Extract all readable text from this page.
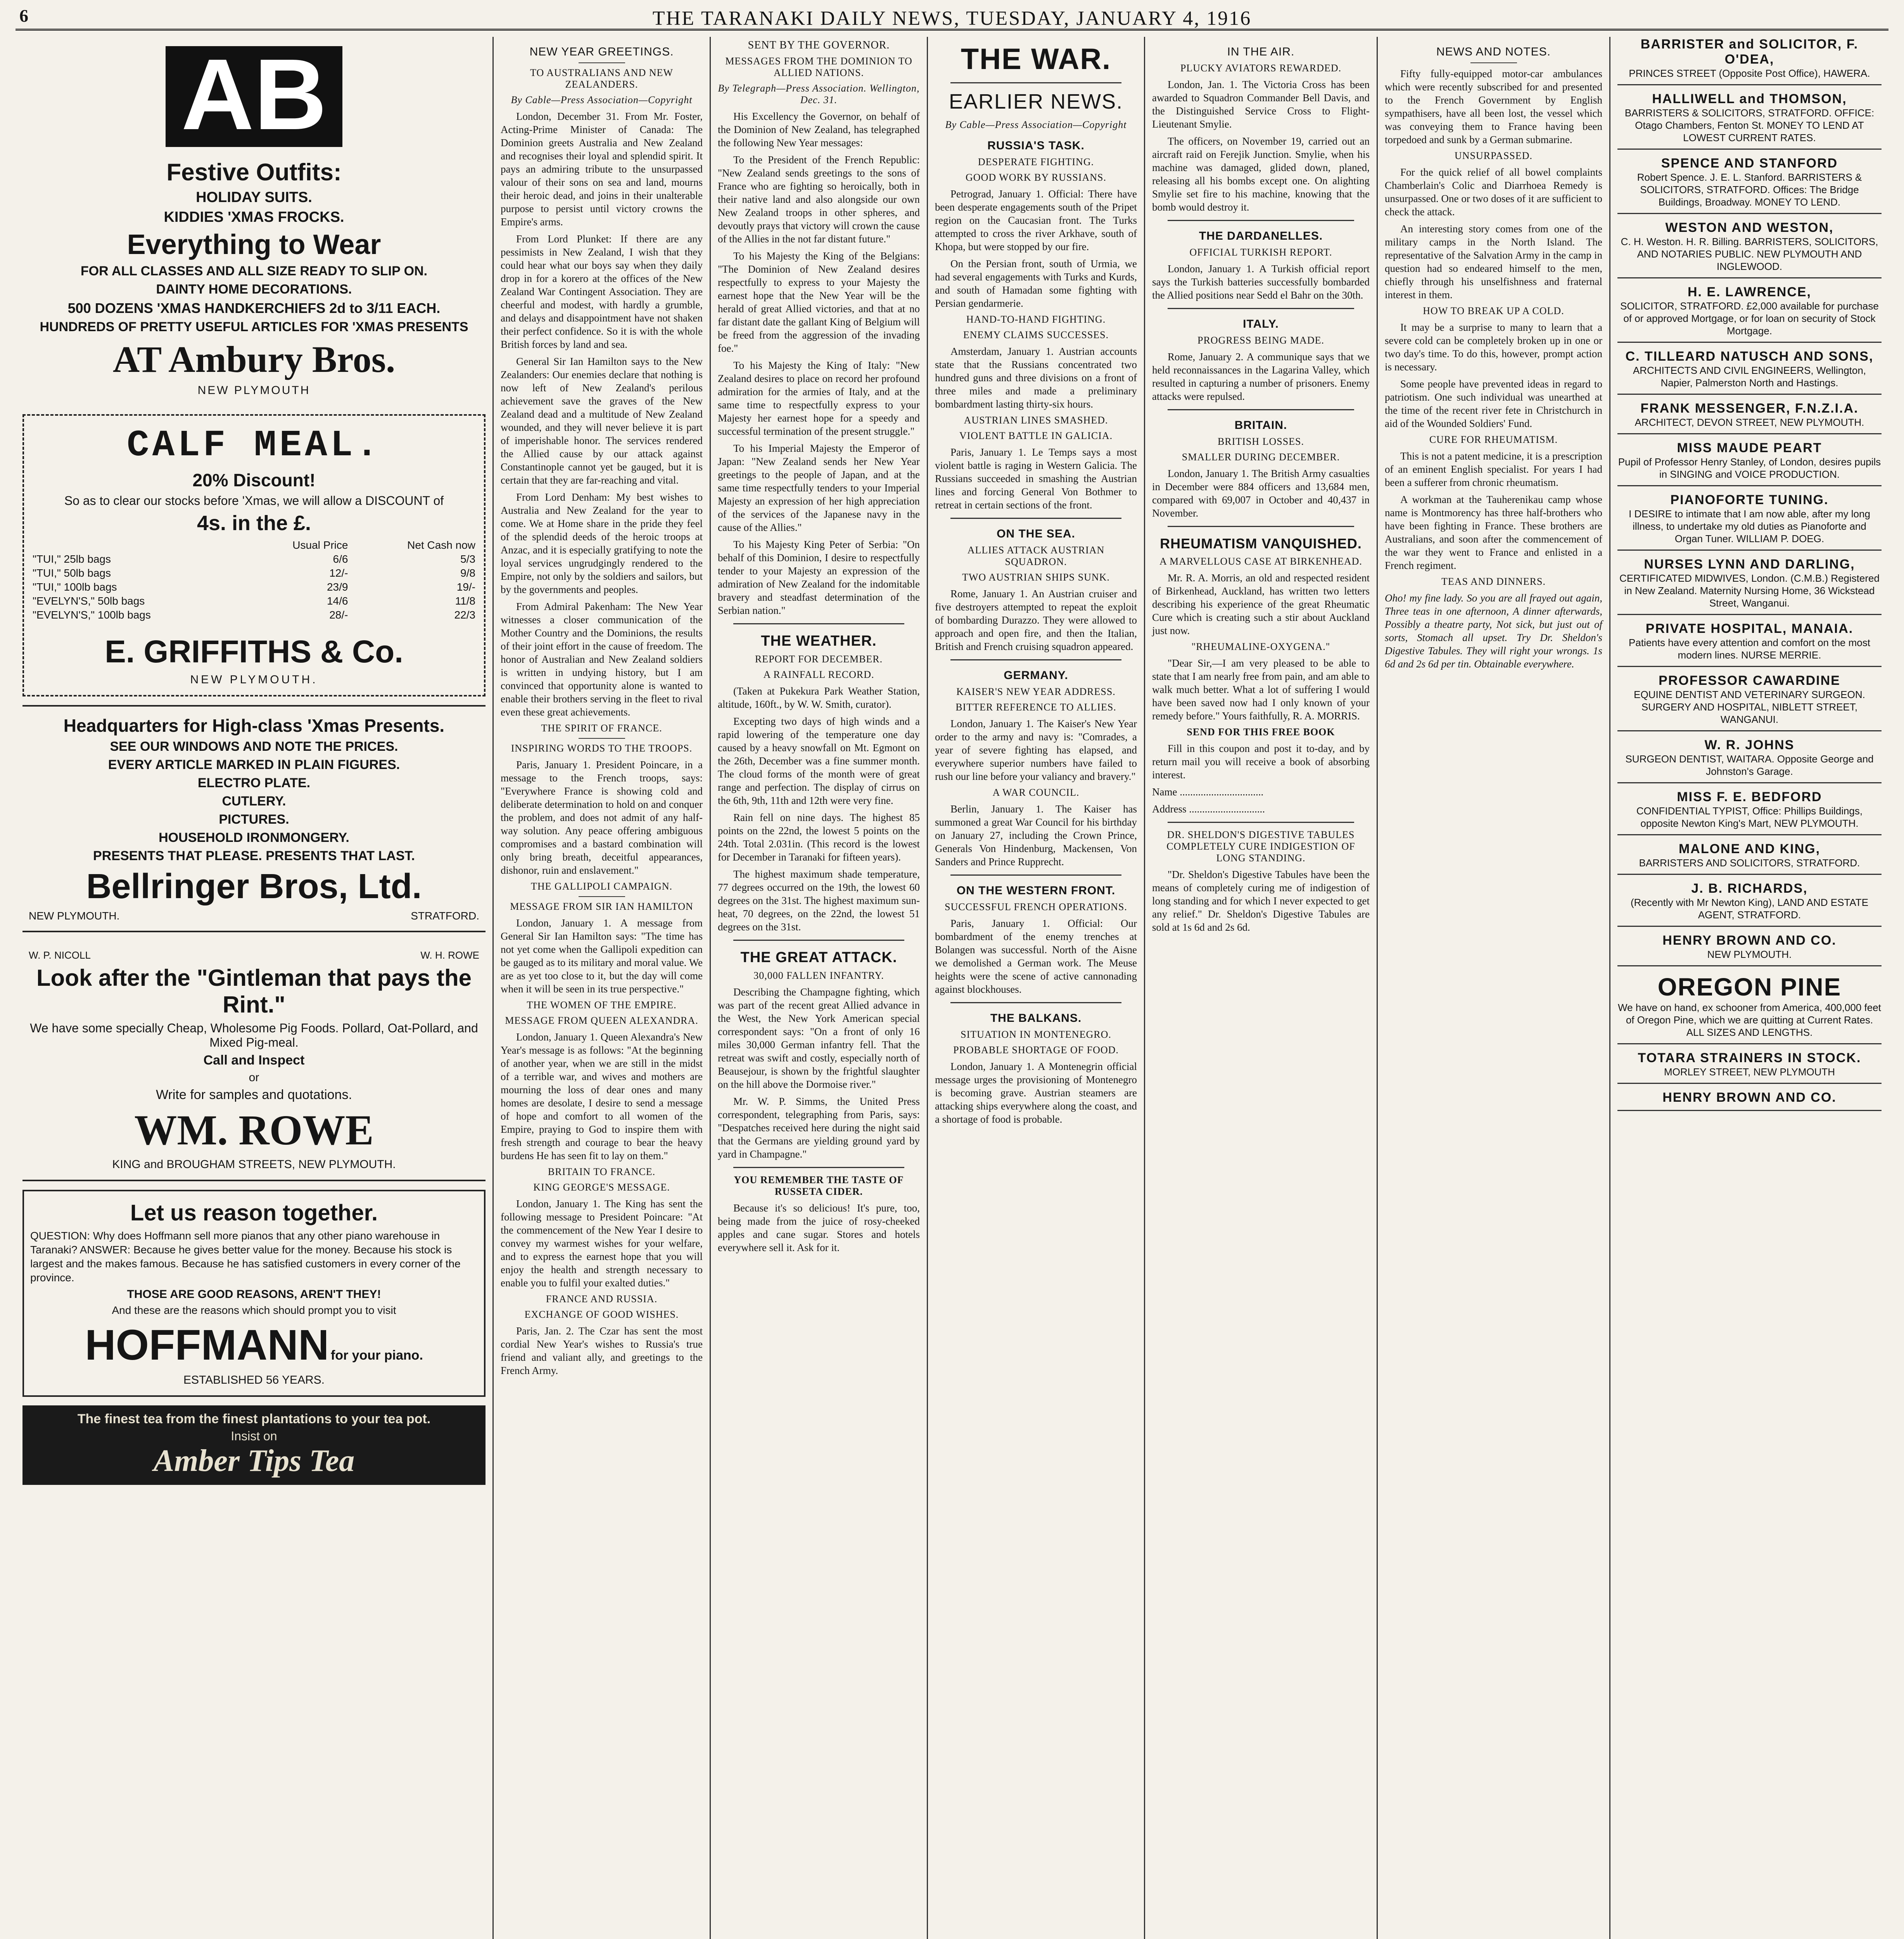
6	THE TARANAKI DAILY NEWS, TUESDAY, JANUARY 4, 1916
AB

Festive Outfits:

HOLIDAY SUITS.

KIDDIES 'XMAS FROCKS.

Everything to Wear

FOR ALL CLASSES AND ALL SIZE READY TO SLIP ON.

DAINTY HOME DECORATIONS.

500 DOZENS 'XMAS HANDKERCHIEFS 2d to 3/11 EACH.

HUNDREDS OF PRETTY USEFUL ARTICLES FOR 'XMAS PRESENTS

AT Ambury Bros.

NEW PLYMOUTH

CALF MEAL.

20% Discount!

So as to clear our stocks before 'Xmas, we will allow a DISCOUNT of

4s. in the £.

	Usual Price	Net Cash now
"TUI," 25lb bags	6/6	5/3
"TUI," 50lb bags	12/-	9/8
"TUI," 100lb bags	23/9	19/-
"EVELYN'S," 50lb bags	14/6	11/8
"EVELYN'S," 100lb bags	28/-	22/3

E. GRIFFITHS & Co.

NEW PLYMOUTH.

Headquarters for High-class 'Xmas Presents.

SEE OUR WINDOWS AND NOTE THE PRICES.

EVERY ARTICLE MARKED IN PLAIN FIGURES.

ELECTRO PLATE.

CUTLERY.

PICTURES.

HOUSEHOLD IRONMONGERY.

PRESENTS THAT PLEASE. PRESENTS THAT LAST.

Bellringer Bros, Ltd.

NEW PLYMOUTH.	STRATFORD.

W. P. NICOLL	W. H. ROWE

Look after the "Gintleman that pays the Rint."

We have some specially Cheap, Wholesome Pig Foods. Pollard, Oat-Pollard, and Mixed Pig-meal.

Call and Inspect

or

Write for samples and quotations.

WM. ROWE

KING and BROUGHAM STREETS, NEW PLYMOUTH.

Let us reason together.

QUESTION: Why does Hoffmann sell more pianos that any other piano warehouse in Taranaki? ANSWER: Because he gives better value for the money. Because his stock is largest and the makes famous. Because he has satisfied customers in every corner of the province.

THOSE ARE GOOD REASONS, AREN'T THEY!

And these are the reasons which should prompt you to visit

HOFFMANN for your piano.

ESTABLISHED 56 YEARS.

The finest tea from the finest plantations to your tea pot.
Insist on
Amber Tips Tea
NEW YEAR GREETINGS.
TO AUSTRALIANS AND NEW ZEALANDERS.
By Cable—Press Association—Copyright

London, December 31. From Mr. Foster, Acting-Prime Minister of Canada: The Dominion greets Australia and New Zealand and recognises their loyal and splendid spirit. It pays an admiring tribute to the unsurpassed valour of their sons on sea and land, mourns their heroic dead, and joins in their unalterable purpose to persist until victory crowns the Empire's arms.

From Lord Plunket: If there are any pessimists in New Zealand, I wish that they could hear what our boys say when they daily drop in for a korero at the offices of the New Zealand War Contingent Association. They are cheerful and modest, with hardly a grumble, and delays and disappointment have not shaken their perfect confidence. So it is with the whole British forces by land and sea.

General Sir Ian Hamilton says to the New Zealanders: Our enemies declare that nothing is now left of New Zealand's perilous achievement save the graves of the New Zealand dead and a multitude of New Zealand wounded, and they will never believe it is part of imperishable honor. The services rendered the Allied cause by our attack against Constantinople cannot yet be gauged, but it is certain that they are far-reaching and vital.

From Lord Denham: My best wishes to Australia and New Zealand for the year to come. We at Home share in the pride they feel of the splendid deeds of the heroic troops at Anzac, and it is especially gratifying to note the loyal services ungrudgingly rendered to the Empire, not only by the soldiers and sailors, but by the governments and peoples.

From Admiral Pakenham: The New Year witnesses a closer communication of the Mother Country and the Dominions, the results of their joint effort in the cause of freedom. The honor of Australian and New Zealand soldiers is written in undying history, but I am convinced that opportunity alone is wanted to enable their brothers serving in the fleet to rival even these great achievements.

THE SPIRIT OF FRANCE.
INSPIRING WORDS TO THE TROOPS.

Paris, January 1. President Poincare, in a message to the French troops, says: "Everywhere France is showing cold and deliberate determination to hold on and conquer the problem, and does not admit of any half-way solution. Any peace offering ambiguous compromises and a bastard combination will only bring breath, deceitful appearances, dishonor, ruin and enslavement."

THE GALLIPOLI CAMPAIGN.
MESSAGE FROM SIR IAN HAMILTON

London, January 1. A message from General Sir Ian Hamilton says: "The time has not yet come when the Gallipoli expedition can be gauged as to its military and moral value. We are as yet too close to it, but the day will come when it will be seen in its true perspective."

THE WOMEN OF THE EMPIRE.
MESSAGE FROM QUEEN ALEXANDRA.

London, January 1. Queen Alexandra's New Year's message is as follows: "At the beginning of another year, when we are still in the midst of a terrible war, and wives and mothers are mourning the loss of dear ones and many homes are desolate, I desire to send a message of hope and comfort to all women of the Empire, praying to God to inspire them with fresh strength and courage to bear the heavy burdens He has seen fit to lay on them."

BRITAIN TO FRANCE.
KING GEORGE'S MESSAGE.

London, January 1. The King has sent the following message to President Poincare: "At the commencement of the New Year I desire to convey my warmest wishes for your welfare, and to express the earnest hope that you will enjoy the health and strength necessary to enable you to fulfil your exalted duties."

FRANCE AND RUSSIA.
EXCHANGE OF GOOD WISHES.

Paris, Jan. 2. The Czar has sent the most cordial New Year's wishes to Russia's true friend and valiant ally, and greetings to the French Army.

SENT BY THE GOVERNOR.
MESSAGES FROM THE DOMINION TO ALLIED NATIONS.
By Telegraph—Press Association. Wellington, Dec. 31.

His Excellency the Governor, on behalf of the Dominion of New Zealand, has telegraphed the following New Year messages:

To the President of the French Republic: "New Zealand sends greetings to the sons of France who are fighting so heroically, both in their native land and also alongside our own New Zealand troops in other spheres, and devoutly prays that victory will crown the cause of the Allies in the not far distant future."

To his Majesty the King of the Belgians: "The Dominion of New Zealand desires respectfully to express to your Majesty the earnest hope that the New Year will be the herald of great Allied victories, and that at no far distant date the gallant King of Belgium will be freed from the aggression of the invading foe."

To his Majesty the King of Italy: "New Zealand desires to place on record her profound admiration for the armies of Italy, and at the same time to respectfully express to your Majesty her earnest hope for a speedy and successful termination of the present struggle."

To his Imperial Majesty the Emperor of Japan: "New Zealand sends her New Year greetings to the people of Japan, and at the same time respectfully tenders to your Imperial Majesty an expression of her high appreciation of the services of the Japanese navy in the cause of the Allies."

To his Majesty King Peter of Serbia: "On behalf of this Dominion, I desire to respectfully tender to your Majesty an expression of the admiration of New Zealand for the indomitable bravery and steadfast determination of the Serbian nation."

THE WEATHER.
REPORT FOR DECEMBER.
A RAINFALL RECORD.

(Taken at Pukekura Park Weather Station, altitude, 160ft., by W. W. Smith, curator).

Excepting two days of high winds and a rapid lowering of the temperature one day caused by a heavy snowfall on Mt. Egmont on the 26th, December was a fine summer month. The cloud forms of the month were of great range and perfection. The display of cirrus on the 6th, 9th, 11th and 12th were very fine.

Rain fell on nine days. The highest 85 points on the 22nd, the lowest 5 points on the 24th. Total 2.031in. (This record is the lowest for December in Taranaki for fifteen years).

The highest maximum shade temperature, 77 degrees occurred on the 19th, the lowest 60 degrees on the 31st. The highest maximum sun-heat, 70 degrees, on the 22nd, the lowest 51 degrees on the 31st.

THE GREAT ATTACK.
30,000 FALLEN INFANTRY.

Describing the Champagne fighting, which was part of the recent great Allied advance in the West, the New York American special correspondent says: "On a front of only 16 miles 30,000 German infantry fell. That the retreat was swift and costly, especially north of Beausejour, is shown by the frightful slaughter on the hill above the Dormoise river."

Mr. W. P. Simms, the United Press correspondent, telegraphing from Paris, says: "Despatches received here during the night said that the Germans are yielding ground yard by yard in Champagne."

YOU REMEMBER THE TASTE OF RUSSETA CIDER.

Because it's so delicious! It's pure, too, being made from the juice of rosy-cheeked apples and cane sugar. Stores and hotels everywhere sell it. Ask for it.

THE WAR.
EARLIER NEWS.
By Cable—Press Association—Copyright
RUSSIA'S TASK.
DESPERATE FIGHTING.
GOOD WORK BY RUSSIANS.

Petrograd, January 1. Official: There have been desperate engagements south of the Pripet region on the Caucasian front. The Turks attempted to cross the river Arkhave, south of Khopa, but were stopped by our fire.

On the Persian front, south of Urmia, we had several engagements with Turks and Kurds, and south of Hamadan some fighting with Persian gendarmerie.

HAND-TO-HAND FIGHTING.
ENEMY CLAIMS SUCCESSES.

Amsterdam, January 1. Austrian accounts state that the Russians concentrated two hundred guns and three divisions on a front of three miles and made a preliminary bombardment lasting thirty-six hours.

AUSTRIAN LINES SMASHED.
VIOLENT BATTLE IN GALICIA.

Paris, January 1. Le Temps says a most violent battle is raging in Western Galicia. The Russians succeeded in smashing the Austrian lines and forcing General Von Bothmer to retreat in certain sections of the front.

ON THE SEA.
ALLIES ATTACK AUSTRIAN SQUADRON.
TWO AUSTRIAN SHIPS SUNK.

Rome, January 1. An Austrian cruiser and five destroyers attempted to repeat the exploit of bombarding Durazzo. They were allowed to approach and open fire, and then the Italian, British and French cruising squadron appeared.

GERMANY.
KAISER'S NEW YEAR ADDRESS.
BITTER REFERENCE TO ALLIES.

London, January 1. The Kaiser's New Year order to the army and navy is: "Comrades, a year of severe fighting has elapsed, and everywhere superior numbers have failed to rush our line before your valiancy and bravery."

A WAR COUNCIL.

Berlin, January 1. The Kaiser has summoned a great War Council for his birthday on January 27, including the Crown Prince, Generals Von Hindenburg, Mackensen, Von Sanders and Prince Rupprecht.

ON THE WESTERN FRONT.
SUCCESSFUL FRENCH OPERATIONS.

Paris, January 1. Official: Our bombardment of the enemy trenches at Bolangen was successful. North of the Aisne we demolished a German work. The Meuse heights were the scene of active cannonading against blockhouses.

THE BALKANS.
SITUATION IN MONTENEGRO.
PROBABLE SHORTAGE OF FOOD.

London, January 1. A Montenegrin official message urges the provisioning of Montenegro is becoming grave. Austrian steamers are attacking ships everywhere along the coast, and a shortage of food is probable.

IN THE AIR.
PLUCKY AVIATORS REWARDED.

London, Jan. 1. The Victoria Cross has been awarded to Squadron Commander Bell Davis, and the Distinguished Service Cross to Flight-Lieutenant Smylie.

The officers, on November 19, carried out an aircraft raid on Ferejik Junction. Smylie, when his machine was damaged, glided down, planed, releasing all his bombs except one. On alighting Smylie set fire to his machine, knowing that the bomb would destroy it.

THE DARDANELLES.
OFFICIAL TURKISH REPORT.

London, January 1. A Turkish official report says the Turkish batteries successfully bombarded the Allied positions near Sedd el Bahr on the 30th.

ITALY.
PROGRESS BEING MADE.

Rome, January 2. A communique says that we held reconnaissances in the Lagarina Valley, which resulted in capturing a number of prisoners. Enemy attacks were repulsed.

BRITAIN.
BRITISH LOSSES.
SMALLER DURING DECEMBER.

London, January 1. The British Army casualties in December were 884 officers and 13,684 men, compared with 69,007 in October and 40,437 in November.

RHEUMATISM VANQUISHED.
A MARVELLOUS CASE AT BIRKENHEAD.

Mr. R. A. Morris, an old and respected resident of Birkenhead, Auckland, has written two letters describing his experience of the great Rheumatic Cure which is creating such a stir about Auckland just now.

"RHEUMALINE-OXYGENA."

"Dear Sir,—I am very pleased to be able to state that I am nearly free from pain, and am able to walk much better. What a lot of suffering I would have been saved now had I only known of your remedy before." Yours faithfully, R. A. MORRIS.

SEND FOR THIS FREE BOOK

Fill in this coupon and post it to-day, and by return mail you will receive a book of absorbing interest.

Name ................................

Address .............................

DR. SHELDON'S DIGESTIVE TABULES COMPLETELY CURE INDIGESTION OF LONG STANDING.

"Dr. Sheldon's Digestive Tabules have been the means of completely curing me of indigestion of long standing and for which I never expected to get any relief." Dr. Sheldon's Digestive Tabules are sold at 1s 6d and 2s 6d.

NEWS AND NOTES.

Fifty fully-equipped motor-car ambulances which were recently subscribed for and presented to the French Government by English sympathisers, have all been lost, the vessel which was conveying them to France having been torpedoed and sunk by a German submarine.

UNSURPASSED.

For the quick relief of all bowel complaints Chamberlain's Colic and Diarrhoea Remedy is unsurpassed. One or two doses of it are sufficient to check the attack.

An interesting story comes from one of the military camps in the North Island. The representative of the Salvation Army in the camp in question had so endeared himself to the men, chiefly through his unselfishness and fraternal interest in them.

HOW TO BREAK UP A COLD.

It may be a surprise to many to learn that a severe cold can be completely broken up in one or two day's time. To do this, however, prompt action is necessary.

Some people have prevented ideas in regard to patriotism. One such individual was unearthed at the time of the recent river fete in Christchurch in aid of the Wounded Soldiers' Fund.

CURE FOR RHEUMATISM.

This is not a patent medicine, it is a prescription of an eminent English specialist. For years I had been a sufferer from chronic rheumatism.

A workman at the Tauherenikau camp whose name is Montmorency has three half-brothers who have been fighting in France. These brothers are Australians, and soon after the commencement of the war they went to France and enlisted in a French regiment.

TEAS AND DINNERS.

Oho! my fine lady. So you are all frayed out again, Three teas in one afternoon, A dinner afterwards, Possibly a theatre party, Not sick, but just out of sorts, Stomach all upset. Try Dr. Sheldon's Digestive Tabules. They will right your wrongs. 1s 6d and 2s 6d per tin. Obtainable everywhere.

BARRISTER and SOLICITOR, F. O'DEA,
PRINCES STREET (Opposite Post Office), HAWERA.
HALLIWELL and THOMSON,
BARRISTERS & SOLICITORS, STRATFORD. OFFICE: Otago Chambers, Fenton St. MONEY TO LEND AT LOWEST CURRENT RATES.
SPENCE AND STANFORD
Robert Spence. J. E. L. Stanford. BARRISTERS & SOLICITORS, STRATFORD. Offices: The Bridge Buildings, Broadway. MONEY TO LEND.
WESTON AND WESTON,
C. H. Weston. H. R. Billing. BARRISTERS, SOLICITORS, AND NOTARIES PUBLIC. NEW PLYMOUTH AND INGLEWOOD.
H. E. LAWRENCE,
SOLICITOR, STRATFORD. £2,000 available for purchase of or approved Mortgage, or for loan on security of Stock Mortgage.
C. TILLEARD NATUSCH AND SONS,
ARCHITECTS AND CIVIL ENGINEERS, Wellington, Napier, Palmerston North and Hastings.
FRANK MESSENGER, F.N.Z.I.A.
ARCHITECT, DEVON STREET, NEW PLYMOUTH.
MISS MAUDE PEART
Pupil of Professor Henry Stanley, of London, desires pupils in SINGING and VOICE PRODUCTION.
PIANOFORTE TUNING.
I DESIRE to intimate that I am now able, after my long illness, to undertake my old duties as Pianoforte and Organ Tuner. WILLIAM P. DOEG.
NURSES LYNN AND DARLING,
CERTIFICATED MIDWIVES, London. (C.M.B.) Registered in New Zealand. Maternity Nursing Home, 36 Wickstead Street, Wanganui.
PRIVATE HOSPITAL, MANAIA.
Patients have every attention and comfort on the most modern lines. NURSE MERRIE.
PROFESSOR CAWARDINE
EQUINE DENTIST AND VETERINARY SURGEON. SURGERY AND HOSPITAL, NIBLETT STREET, WANGANUI.
W. R. JOHNS
SURGEON DENTIST, WAITARA. Opposite George and Johnston's Garage.
MISS F. E. BEDFORD
CONFIDENTIAL TYPIST, Office: Phillips Buildings, opposite Newton King's Mart, NEW PLYMOUTH.
MALONE AND KING,
BARRISTERS AND SOLICITORS, STRATFORD.
J. B. RICHARDS,
(Recently with Mr Newton King), LAND AND ESTATE AGENT, STRATFORD.
HENRY BROWN AND CO.
NEW PLYMOUTH.
OREGON PINE
We have on hand, ex schooner from America, 400,000 feet of Oregon Pine, which we are quitting at Current Rates. ALL SIZES AND LENGTHS.
TOTARA STRAINERS IN STOCK.
MORLEY STREET, NEW PLYMOUTH
HENRY BROWN AND CO.
